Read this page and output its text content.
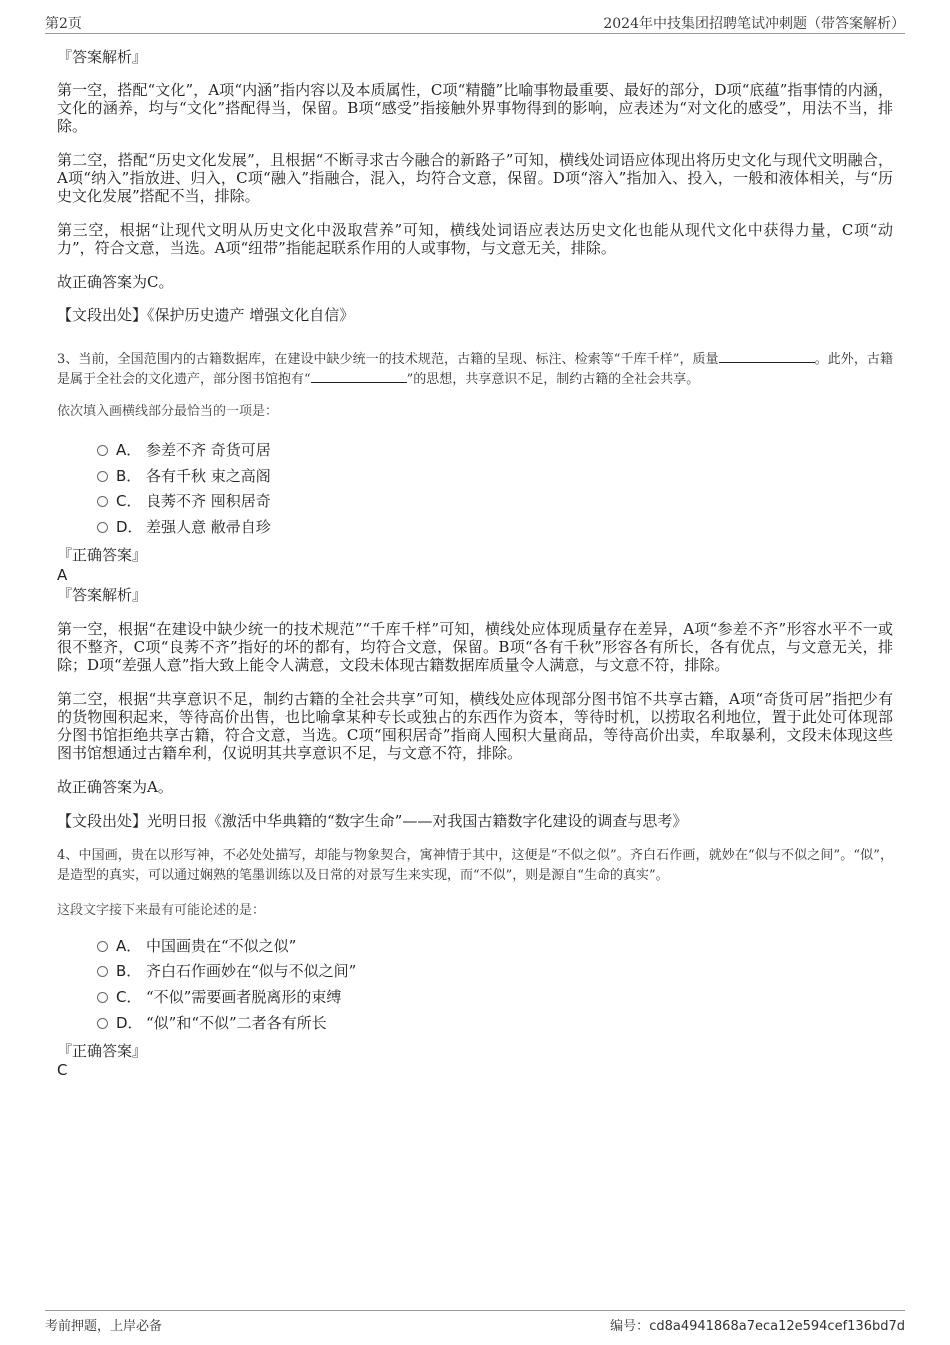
第2页	2024年中技集团招聘笔试冲刺题（带答案解析）
『答案解析』
第一空，搭配“文化”，A项“内涵”指内容以及本质属性，C项“精髓”比喻事物最重要、最好的部分，D项“底蕴”指事情的内涵，文化的涵养，均与“文化”搭配得当，保留。B项“感受”指接触外界事物得到的影响，应表述为“对文化的感受”，用法不当，排除。
第二空，搭配“历史文化发展”，且根据“不断寻求古今融合的新路子”可知，横线处词语应体现出将历史文化与现代文明融合，A项“纳入”指放进、归入，C项“融入”指融合，混入，均符合文意，保留。D项“溶入”指加入、投入，一般和液体相关，与“历史文化发展”搭配不当，排除。
第三空，根据“让现代文明从历史文化中汲取营养”可知，横线处词语应表达历史文化也能从现代文化中获得力量，C项“动力”，符合文意，当选。A项“纽带”指能起联系作用的人或事物，与文意无关，排除。
故正确答案为C。
【文段出处】《保护历史遗产 增强文化自信》
3、当前，全国范围内的古籍数据库，在建设中缺少统一的技术规范，古籍的呈现、标注、检索等“千库千样”，质量	。此外，古籍是属于全社会的文化遗产，部分图书馆抱有“	”的思想，共享意识不足，制约古籍的全社会共享。
依次填入画横线部分最恰当的一项是：
A． 参差不齐 奇货可居
B． 各有千秋 束之高阁
C． 良莠不齐 囤积居奇
D． 差强人意 敝帚自珍
『正确答案』
A
『答案解析』
第一空，根据“在建设中缺少统一的技术规范”“千库千样”可知，横线处应体现质量存在差异，A项“参差不齐”形容水平不一或很不整齐，C项“良莠不齐”指好的坏的都有，均符合文意，保留。B项“各有千秋”形容各有所长，各有优点，与文意无关，排除；D项“差强人意”指大致上能令人满意，文段未体现古籍数据库质量令人满意，与文意不符，排除。
第二空，根据“共享意识不足，制约古籍的全社会共享”可知，横线处应体现部分图书馆不共享古籍，A项“奇货可居”指把少有的货物囤积起来，等待高价出售，也比喻拿某种专长或独占的东西作为资本，等待时机，以捞取名利地位，置于此处可体现部分图书馆拒绝共享古籍，符合文意，当选。C项“囤积居奇”指商人囤积大量商品，等待高价出卖，牟取暴利，文段未体现这些图书馆想通过古籍牟利，仅说明其共享意识不足，与文意不符，排除。
故正确答案为A。
【文段出处】光明日报《激活中华典籍的“数字生命”——对我国古籍数字化建设的调查与思考》
4、中国画，贵在以形写神，不必处处描写，却能与物象契合，寓神情于其中，这便是“不似之似”。齐白石作画，就妙在“似与不似之间”。“似”，是造型的真实，可以通过娴熟的笔墨训练以及日常的对景写生来实现，而“不似”，则是源自“生命的真实”。
这段文字接下来最有可能论述的是：
A． 中国画贵在“不似之似”
B． 齐白石作画妙在“似与不似之间”
C． “不似”需要画者脱离形的束缚
D． “似”和“不似”二者各有所长
『正确答案』
C
考前押题，上岸必备	编号：cd8a4941868a7eca12e594cef136bd7d
